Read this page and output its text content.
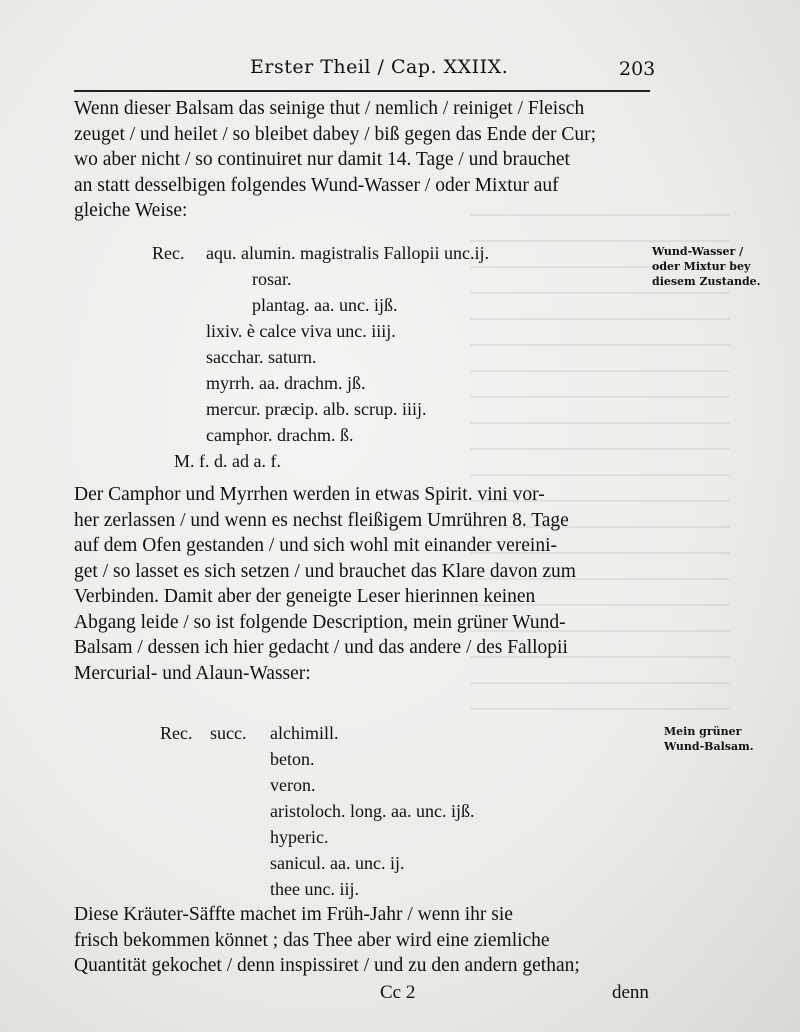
Erster Theil / Cap. XXIIX.	203
Wenn dieser Balsam das seinige thut / nemlich / reiniget / Fleisch
zeuget / und heilet / so bleibet dabey / biß gegen das Ende der Cur;
wo aber nicht / so continuiret nur damit 14. Tage / und brauchet
an statt desselbigen folgendes Wund-Wasser / oder Mixtur auf
gleiche Weise:
Rec. aqu. alumin. magistralis Fallopii unc.ij.
rosar.
plantag. aa. unc. ijß.
lixiv. è calce viva unc. iiij.
sacchar. saturn.
myrrh. aa. drachm. jß.
mercur. præcip. alb. scrup. iiij.
camphor. drachm. ß.
M. f. d. ad a. f.
Wund-Wasser /
oder Mixtur bey
diesem Zustande.
Der Camphor und Myrrhen werden in etwas Spirit. vini vor-
her zerlassen / und wenn es nechst fleißigem Umrühren 8. Tage
auf dem Ofen gestanden / und sich wohl mit einander vereini-
get / so lasset es sich setzen / und brauchet das Klare davon zum
Verbinden. Damit aber der geneigte Leser hierinnen keinen
Abgang leide / so ist folgende Description, mein grüner Wund-
Balsam / dessen ich hier gedacht / und das andere / des Fallopii
Mercurial- und Alaun-Wasser:
Rec. succ. alchimill.
beton.
veron.
aristoloch. long. aa. unc. ijß.
hyperic.
sanicul. aa. unc. ij.
thee unc. iij.
Mein grüner
Wund-Balsam.
Diese Kräuter-Säffte machet im Früh-Jahr / wenn ihr sie
frisch bekommen könnet ; das Thee aber wird eine ziemliche
Quantität gekochet / denn inspissiret / und zu den andern gethan;
Cc 2	denn
